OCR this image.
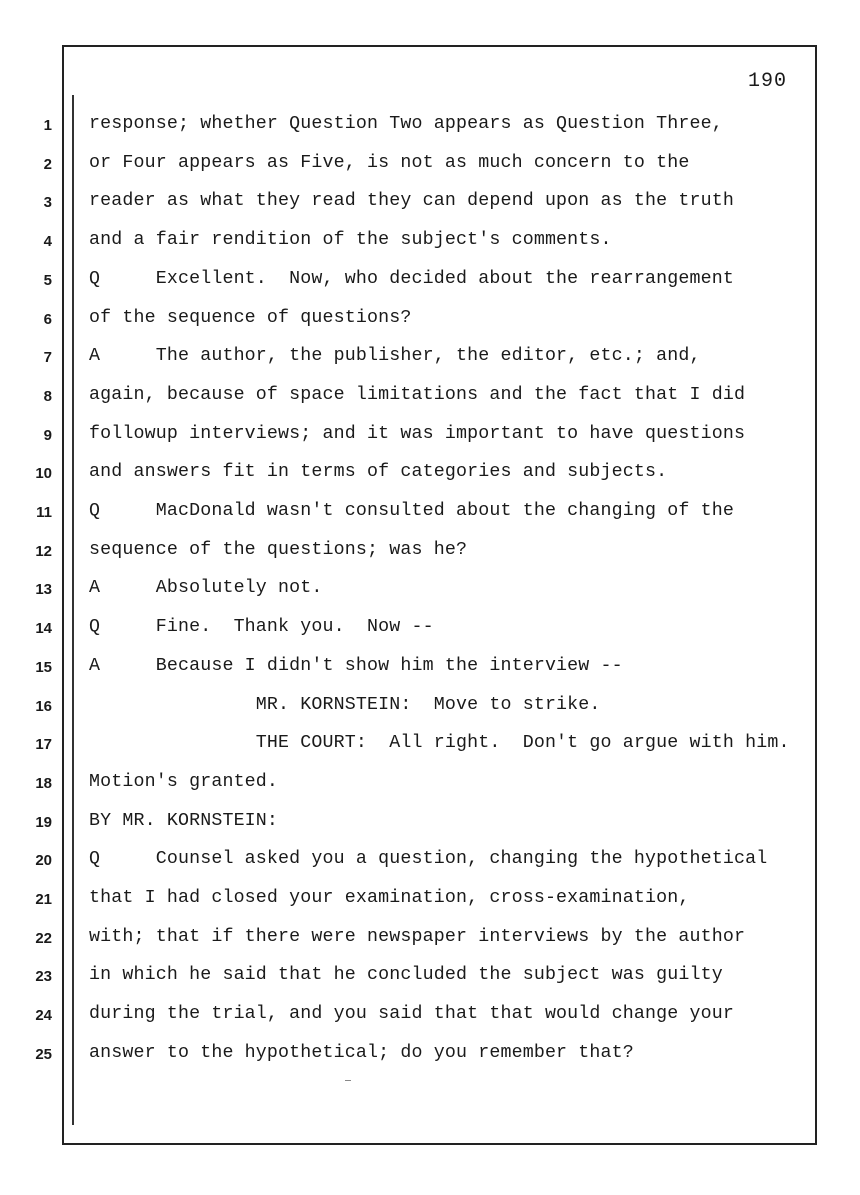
190
1 response; whether Question Two appears as Question Three,
2 or Four appears as Five, is not as much concern to the
3 reader as what they read they can depend upon as the truth
4 and a fair rendition of the subject's comments.
5 Q     Excellent.  Now, who decided about the rearrangement
6 of the sequence of questions?
7 A     The author, the publisher, the editor, etc.; and,
8 again, because of space limitations and the fact that I did
9 followup interviews; and it was important to have questions
10 and answers fit in terms of categories and subjects.
11 Q     MacDonald wasn't consulted about the changing of the
12 sequence of the questions; was he?
13 A     Absolutely not.
14 Q     Fine.  Thank you.  Now --
15 A     Because I didn't show him the interview --
16 MR. KORNSTEIN:  Move to strike.
17 THE COURT:  All right.  Don't go argue with him.
18 Motion's granted.
19 BY MR. KORNSTEIN:
20 Q     Counsel asked you a question, changing the hypothetical
21 that I had closed your examination, cross-examination,
22 with; that if there were newspaper interviews by the author
23 in which he said that he concluded the subject was guilty
24 during the trial, and you said that that would change your
25 answer to the hypothetical; do you remember that?
